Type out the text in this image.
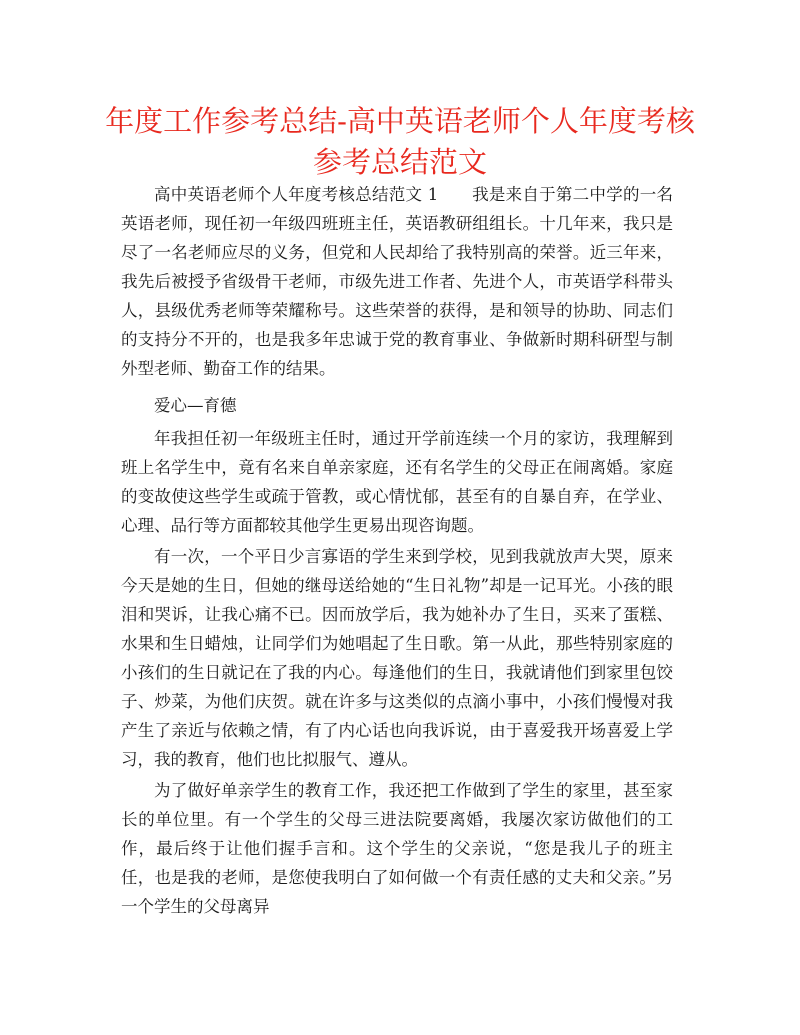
年度工作参考总结-高中英语老师个人年度考核
参考总结范文

高中英语老师个人年度考核总结范文 1　　我是来自于第二中学的一名英语老师，现任初一年级四班班主任，英语教研组组长。十几年来，我只是尽了一名老师应尽的义务，但党和人民却给了我特别高的荣誉。近三年来，我先后被授予省级骨干老师，市级先进工作者、先进个人，市英语学科带头人，县级优秀老师等荣耀称号。这些荣誉的获得，是和领导的协助、同志们的支持分不开的，也是我多年忠诚于党的教育事业、争做新时期科研型与制外型老师、勤奋工作的结果。

爱心—育德

年我担任初一年级班主任时，通过开学前连续一个月的家访，我理解到班上名学生中，竟有名来自单亲家庭，还有名学生的父母正在闹离婚。家庭的变故使这些学生或疏于管教，或心情忧郁，甚至有的自暴自弃，在学业、心理、品行等方面都较其他学生更易出现咨询题。

有一次，一个平日少言寡语的学生来到学校，见到我就放声大哭，原来今天是她的生日，但她的继母送给她的“生日礼物”却是一记耳光。小孩的眼泪和哭诉，让我心痛不已。因而放学后，我为她补办了生日，买来了蛋糕、水果和生日蜡烛，让同学们为她唱起了生日歌。第一从此，那些特别家庭的小孩们的生日就记在了我的内心。每逢他们的生日，我就请他们到家里包饺子、炒菜，为他们庆贺。就在许多与这类似的点滴小事中，小孩们慢慢对我产生了亲近与依赖之情，有了内心话也向我诉说，由于喜爱我开场喜爱上学习，我的教育，他们也比拟服气、遵从。

为了做好单亲学生的教育工作，我还把工作做到了学生的家里，甚至家长的单位里。有一个学生的父母三进法院要离婚，我屡次家访做他们的工作，最后终于让他们握手言和。这个学生的父亲说，“您是我儿子的班主任，也是我的老师，是您使我明白了如何做一个有责任感的丈夫和父亲。”另一个学生的父母离异
